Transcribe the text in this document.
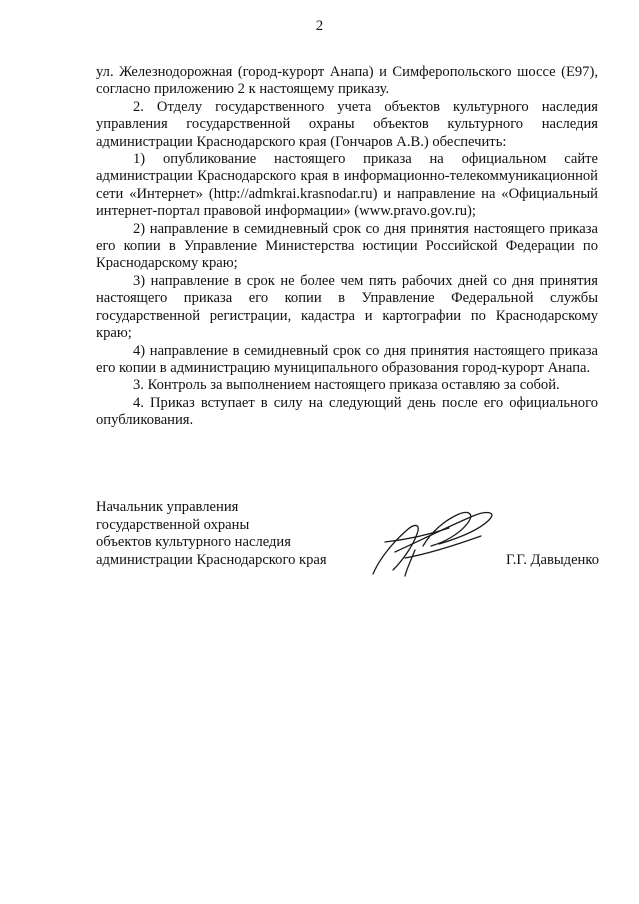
2

ул. Железнодорожная (город-курорт Анапа) и Симферопольского шоссе (Е97), согласно приложению 2 к настоящему приказу.

2. Отделу государственного учета объектов культурного наследия управления государственной охраны объектов культурного наследия администрации Краснодарского края (Гончаров А.В.) обеспечить:

1) опубликование настоящего приказа на официальном сайте администрации Краснодарского края в информационно-телекоммуникационной сети «Интернет» (http://admkrai.krasnodar.ru) и направление на «Официальный интернет-портал правовой информации» (www.pravo.gov.ru);

2) направление в семидневный срок со дня принятия настоящего приказа его копии в Управление Министерства юстиции Российской Федерации по Краснодарскому краю;

3) направление в срок не более чем пять рабочих дней со дня принятия настоящего приказа его копии в Управление Федеральной службы государственной регистрации, кадастра и картографии по Краснодарскому краю;

4) направление в семидневный срок со дня принятия настоящего приказа его копии в администрацию муниципального образования город-курорт Анапа.

3. Контроль за выполнением настоящего приказа оставляю за собой.

4. Приказ вступает в силу на следующий день после его официального опубликования.

Начальник управления
государственной охраны
объектов культурного наследия
администрации Краснодарского края	Г.Г. Давыденко
